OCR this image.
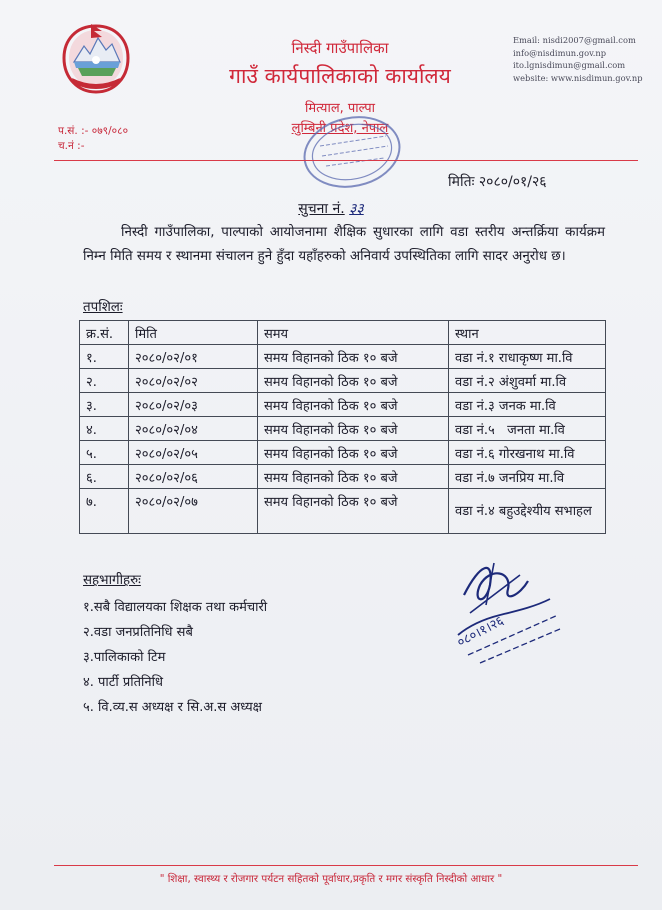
निस्दी गाउँपालिका
गाउँ कार्यपालिकाको कार्यालय
मित्याल, पाल्पा
लुम्बिनी प्रदेश, नेपाल
Email: nisdi2007@gmail.com
info@nisdimun.gov.np
ito.lgnisdimun@gmail.com
website: www.nisdimun.gov.np
प.सं. :- ०७९/०८०
च.नं :-
मितिः २०८०/०१/२६
सुचना नं. ३३
निस्दी गाउँपालिका, पाल्पाको आयोजनामा शैक्षिक सुधारका लागि वडा स्तरीय अन्तर्क्रिया कार्यक्रम निम्न मिति समय र स्थानमा संचालन हुने हुँदा यहाँहरुको अनिवार्य उपस्थितिका लागि सादर अनुरोध छ।
तपशिलः
क्र.सं.	मिति	समय	स्थान
१.	२०८०/०२/०१	समय विहानको ठिक १० बजे	वडा नं.१ राधाकृष्ण मा.वि
२.	२०८०/०२/०२	समय विहानको ठिक १० बजे	वडा नं.२ अंशुवर्मा मा.वि
३.	२०८०/०२/०३	समय विहानको ठिक १० बजे	वडा नं.३ जनक मा.वि
४.	२०८०/०२/०४	समय विहानको ठिक १० बजे	वडा नं.५   जनता मा.वि
५.	२०८०/०२/०५	समय विहानको ठिक १० बजे	वडा नं.६ गोरखनाथ मा.वि
६.	२०८०/०२/०६	समय विहानको ठिक १० बजे	वडा नं.७ जनप्रिय मा.वि
७.	२०८०/०२/०७	समय विहानको ठिक १० बजे	वडा नं.४ बहुउद्देश्यीय सभाहल
सहभागीहरुः
१.सबै विद्यालयका शिक्षक तथा कर्मचारी
२.वडा जनप्रतिनिधि सबै
३.पालिकाको टिम
४. पार्टी प्रतिनिधि
५. वि.व्य.स अध्यक्ष र सि.अ.स अध्यक्ष
०८०।१।२६
" शिक्षा, स्वास्थ्य र रोजगार पर्यटन सहितको पूर्वाधार,प्रकृति र मगर संस्कृति निस्दीको आधार "
